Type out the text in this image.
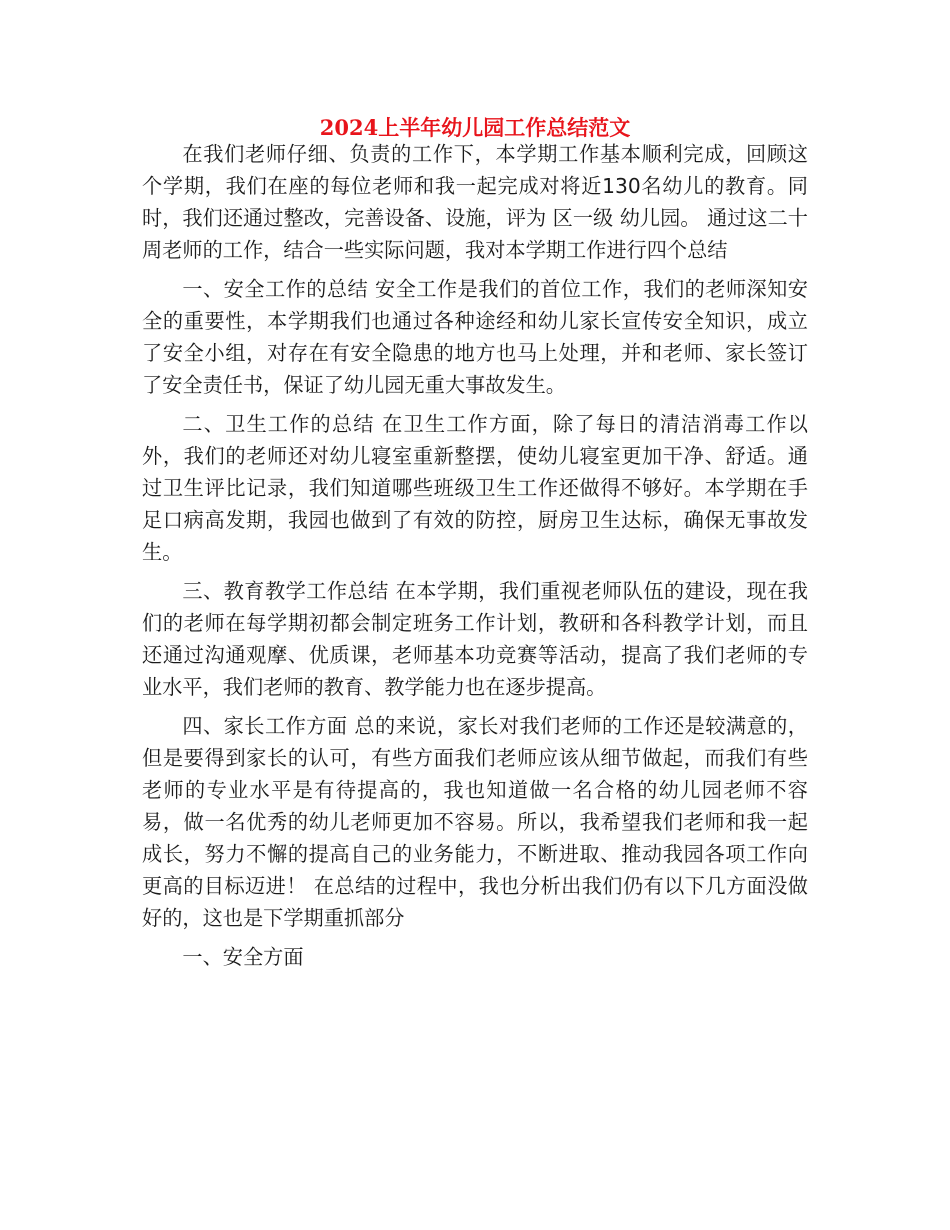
2024上半年幼儿园工作总结范文

在我们老师仔细、负责的工作下，本学期工作基本顺利完成，回顾这个学期，我们在座的每位老师和我一起完成对将近130名幼儿的教育。同时，我们还通过整改，完善设备、设施，评为 区一级 幼儿园。 通过这二十周老师的工作，结合一些实际问题，我对本学期工作进行四个总结

一、安全工作的总结 安全工作是我们的首位工作，我们的老师深知安全的重要性，本学期我们也通过各种途经和幼儿家长宣传安全知识，成立了安全小组，对存在有安全隐患的地方也马上处理，并和老师、家长签订了安全责任书，保证了幼儿园无重大事故发生。

二、卫生工作的总结 在卫生工作方面，除了每日的清洁消毒工作以外，我们的老师还对幼儿寝室重新整摆，使幼儿寝室更加干净、舒适。通过卫生评比记录，我们知道哪些班级卫生工作还做得不够好。本学期在手足口病高发期，我园也做到了有效的防控，厨房卫生达标，确保无事故发生。

三、教育教学工作总结 在本学期，我们重视老师队伍的建设，现在我们的老师在每学期初都会制定班务工作计划，教研和各科教学计划，而且还通过沟通观摩、优质课，老师基本功竞赛等活动，提高了我们老师的专业水平，我们老师的教育、教学能力也在逐步提高。

四、家长工作方面 总的来说，家长对我们老师的工作还是较满意的，但是要得到家长的认可，有些方面我们老师应该从细节做起，而我们有些老师的专业水平是有待提高的，我也知道做一名合格的幼儿园老师不容易，做一名优秀的幼儿老师更加不容易。所以，我希望我们老师和我一起成长，努力不懈的提高自己的业务能力，不断进取、推动我园各项工作向更高的目标迈进！ 在总结的过程中，我也分析出我们仍有以下几方面没做好的，这也是下学期重抓部分

一、安全方面
